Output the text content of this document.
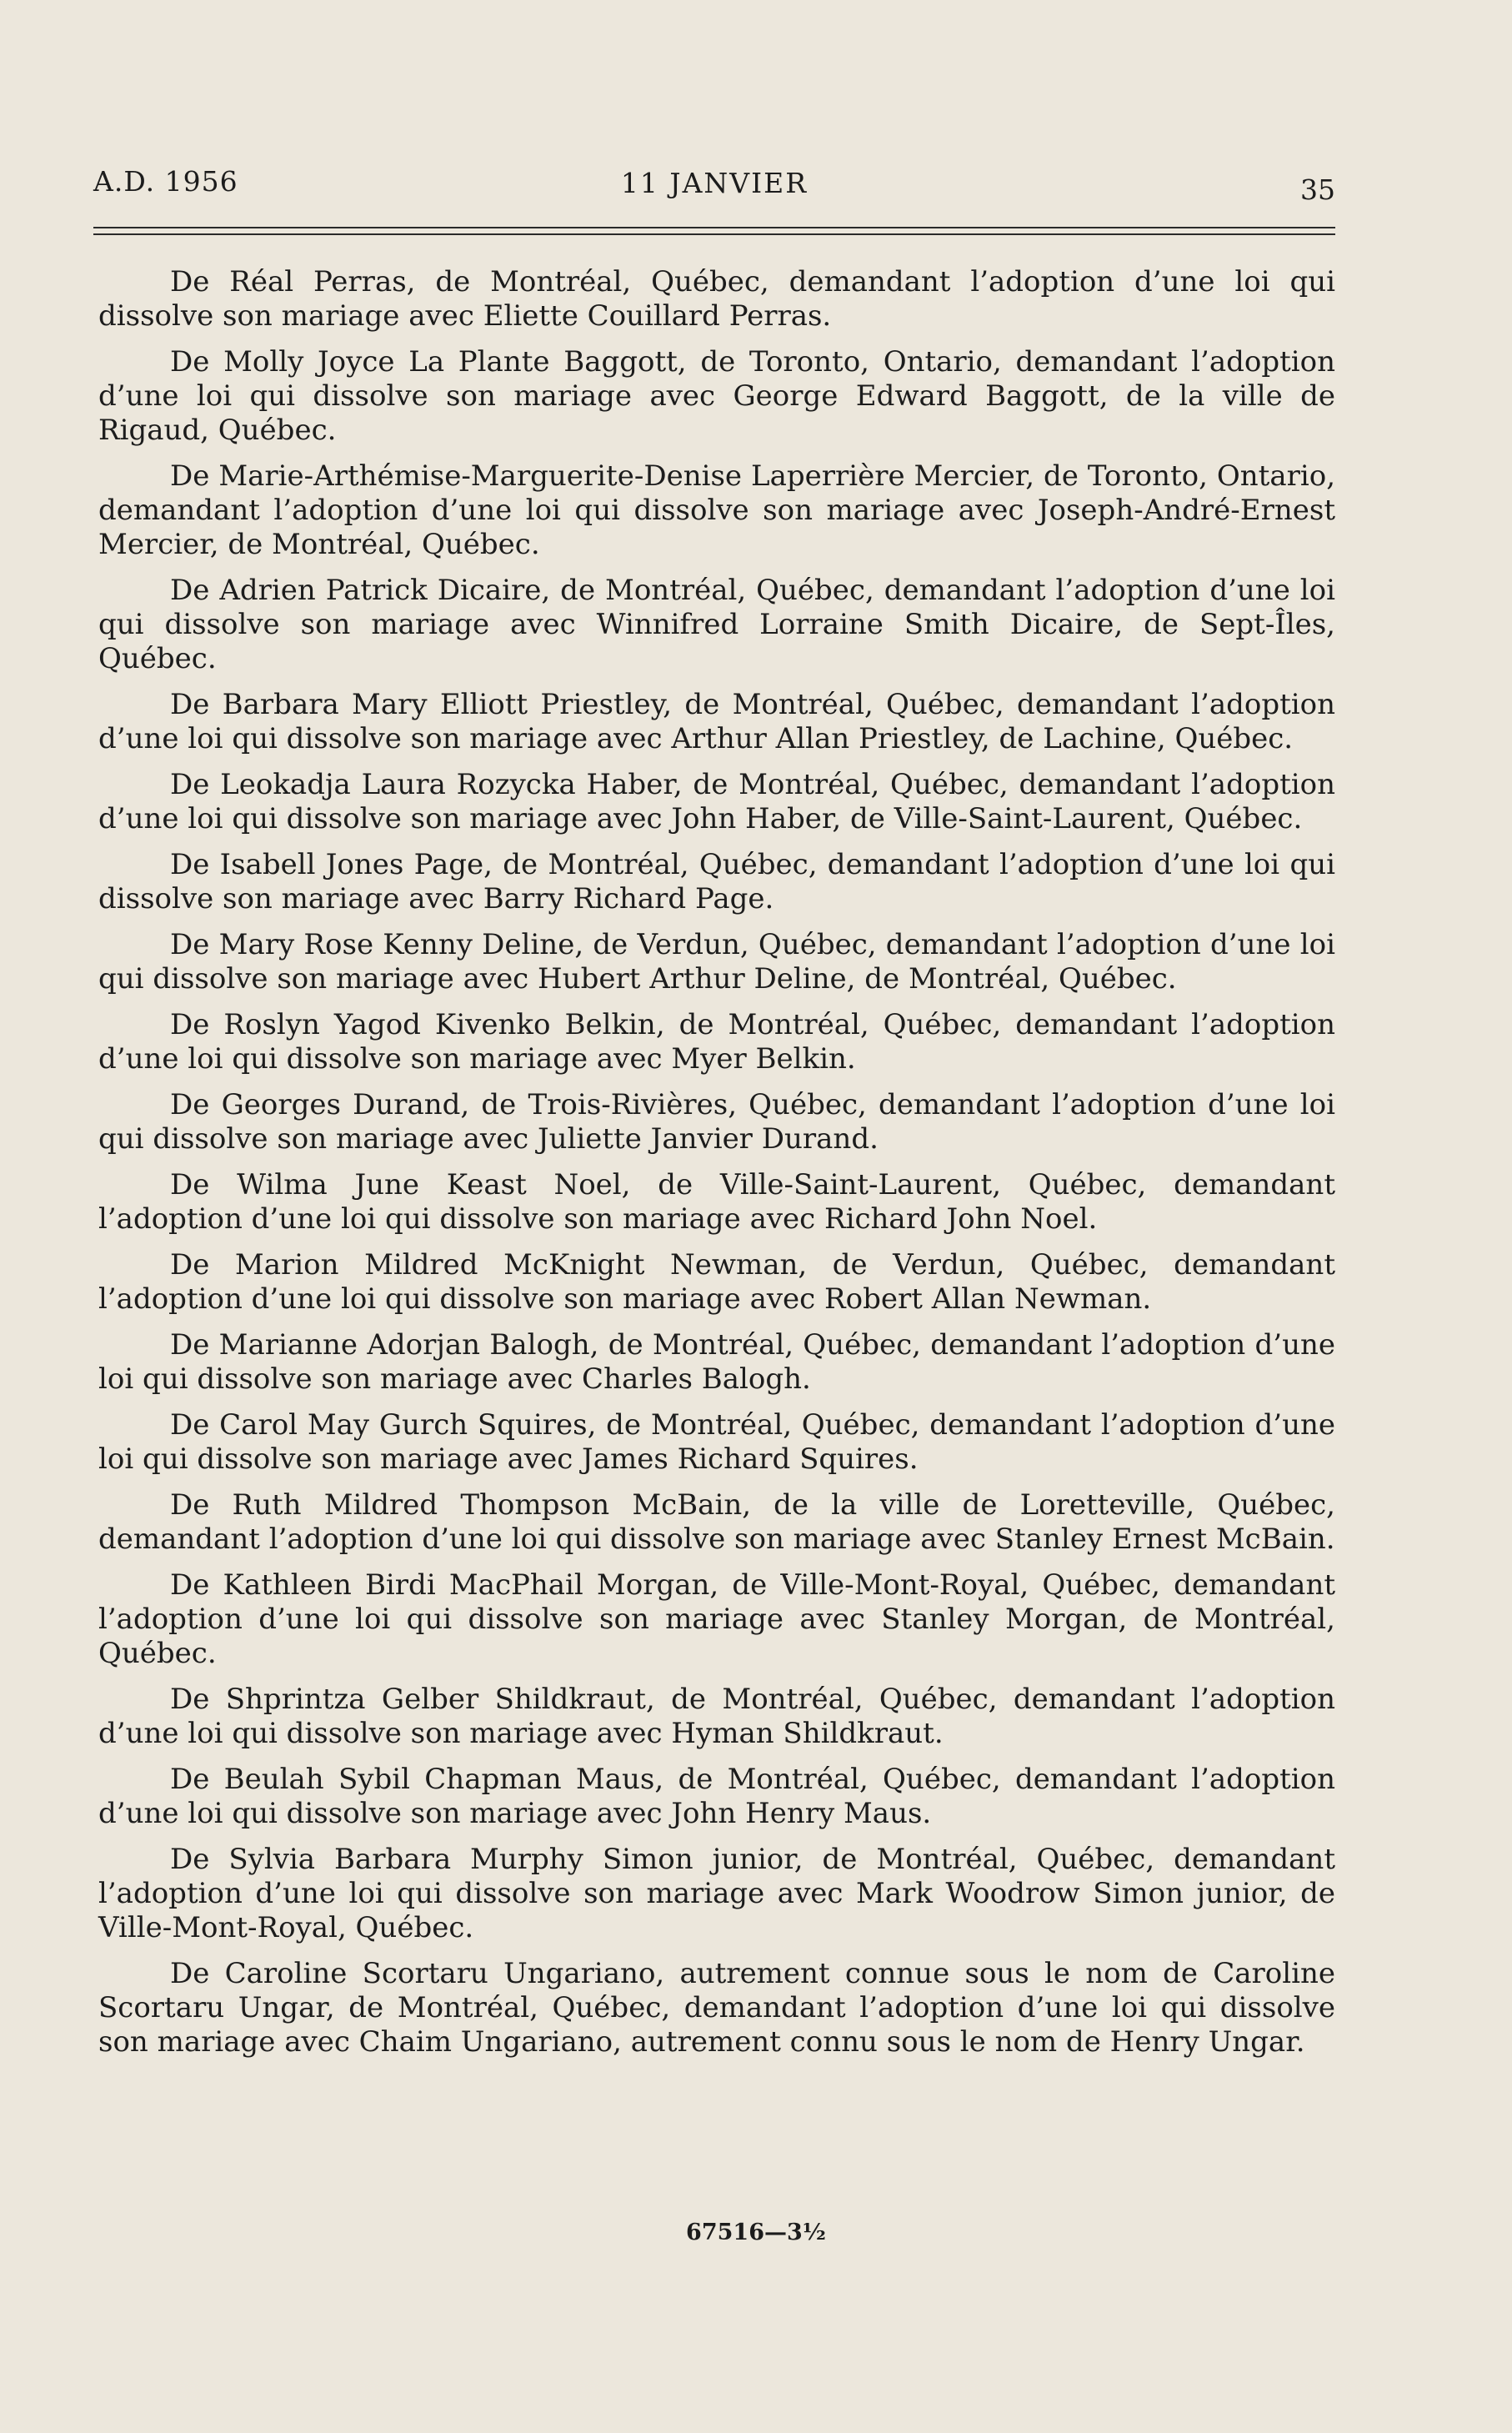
A.D. 1956	11 JANVIER	35

De Réal Perras, de Montréal, Québec, demandant l’adoption d’une loi qui dissolve son mariage avec Eliette Couillard Perras.

De Molly Joyce La Plante Baggott, de Toronto, Ontario, demandant l’adoption d’une loi qui dissolve son mariage avec George Edward Baggott, de la ville de Rigaud, Québec.

De Marie-Arthémise-Marguerite-Denise Laperrière Mercier, de Toronto, Ontario, demandant l’adoption d’une loi qui dissolve son mariage avec Joseph-André-Ernest Mercier, de Montréal, Québec.

De Adrien Patrick Dicaire, de Montréal, Québec, demandant l’adoption d’une loi qui dissolve son mariage avec Winnifred Lorraine Smith Dicaire, de Sept-Îles, Québec.

De Barbara Mary Elliott Priestley, de Montréal, Québec, demandant l’adoption d’une loi qui dissolve son mariage avec Arthur Allan Priestley, de Lachine, Québec.

De Leokadja Laura Rozycka Haber, de Montréal, Québec, demandant l’adoption d’une loi qui dissolve son mariage avec John Haber, de Ville-Saint-Laurent, Québec.

De Isabell Jones Page, de Montréal, Québec, demandant l’adoption d’une loi qui dissolve son mariage avec Barry Richard Page.

De Mary Rose Kenny Deline, de Verdun, Québec, demandant l’adoption d’une loi qui dissolve son mariage avec Hubert Arthur Deline, de Montréal, Québec.

De Roslyn Yagod Kivenko Belkin, de Montréal, Québec, demandant l’adoption d’une loi qui dissolve son mariage avec Myer Belkin.

De Georges Durand, de Trois-Rivières, Québec, demandant l’adoption d’une loi qui dissolve son mariage avec Juliette Janvier Durand.

De Wilma June Keast Noel, de Ville-Saint-Laurent, Québec, demandant l’adoption d’une loi qui dissolve son mariage avec Richard John Noel.

De Marion Mildred McKnight Newman, de Verdun, Québec, demandant l’adoption d’une loi qui dissolve son mariage avec Robert Allan Newman.

De Marianne Adorjan Balogh, de Montréal, Québec, demandant l’adoption d’une loi qui dissolve son mariage avec Charles Balogh.

De Carol May Gurch Squires, de Montréal, Québec, demandant l’adoption d’une loi qui dissolve son mariage avec James Richard Squires.

De Ruth Mildred Thompson McBain, de la ville de Loretteville, Québec, demandant l’adoption d’une loi qui dissolve son mariage avec Stanley Ernest McBain.

De Kathleen Birdi MacPhail Morgan, de Ville-Mont-Royal, Québec, demandant l’adoption d’une loi qui dissolve son mariage avec Stanley Morgan, de Montréal, Québec.

De Shprintza Gelber Shildkraut, de Montréal, Québec, demandant l’adoption d’une loi qui dissolve son mariage avec Hyman Shildkraut.

De Beulah Sybil Chapman Maus, de Montréal, Québec, demandant l’adoption d’une loi qui dissolve son mariage avec John Henry Maus.

De Sylvia Barbara Murphy Simon junior, de Montréal, Québec, demandant l’adoption d’une loi qui dissolve son mariage avec Mark Woodrow Simon junior, de Ville-Mont-Royal, Québec.

De Caroline Scortaru Ungariano, autrement connue sous le nom de Caroline Scortaru Ungar, de Montréal, Québec, demandant l’adoption d’une loi qui dissolve son mariage avec Chaim Ungariano, autrement connu sous le nom de Henry Ungar.

67516—3½
